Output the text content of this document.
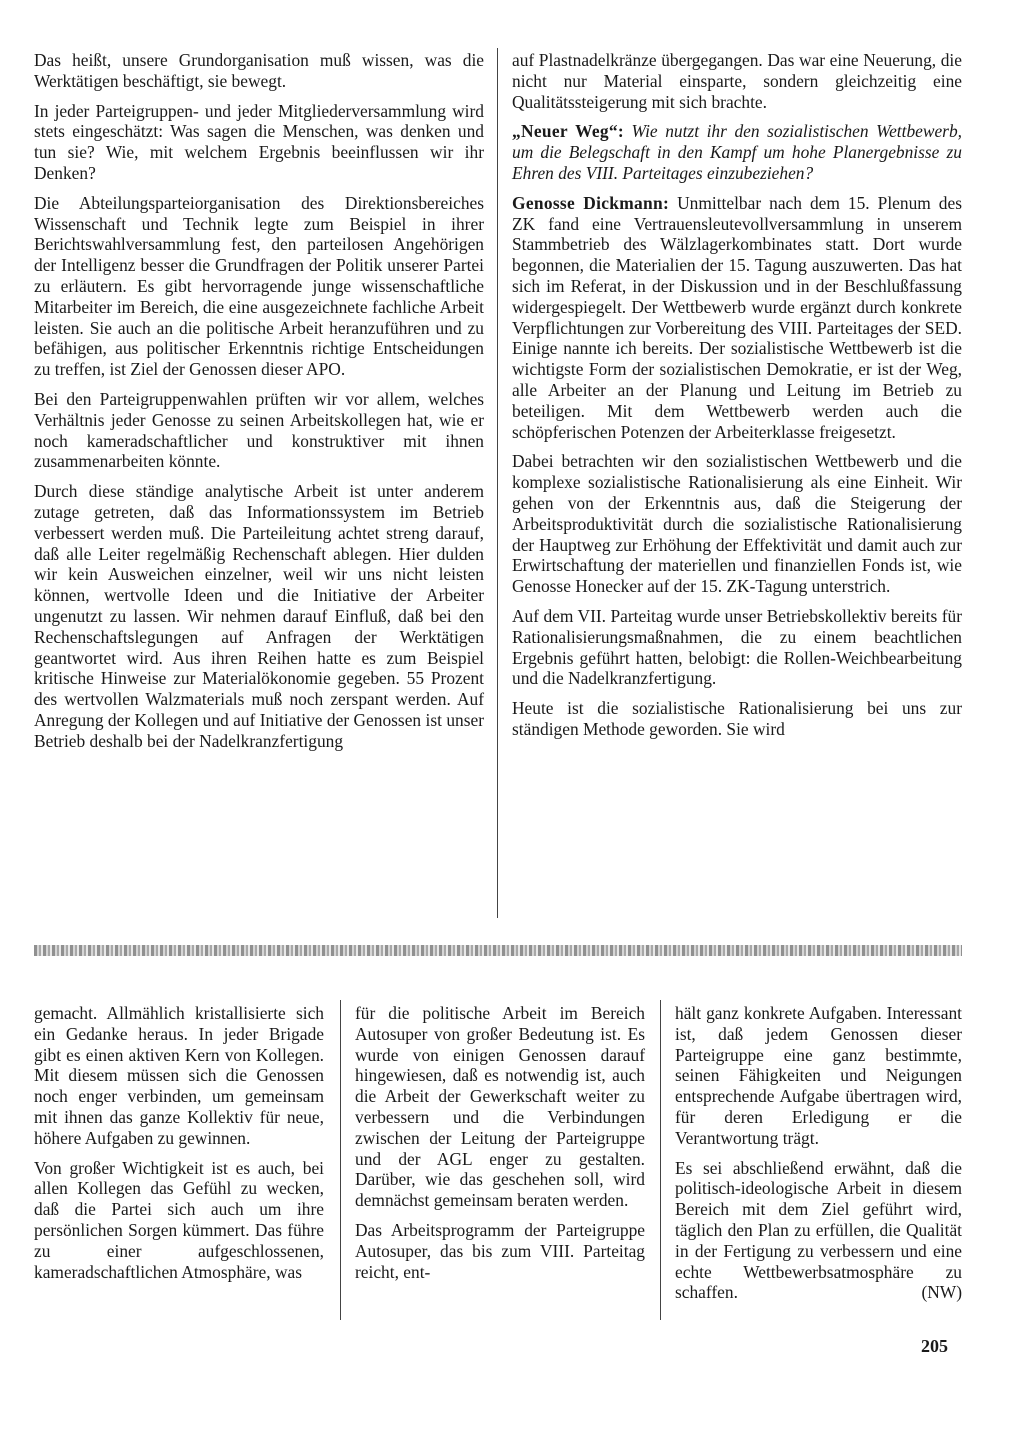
Das heißt, unsere Grundorganisation muß wissen, was die Werktätigen beschäftigt, sie bewegt.

In jeder Parteigruppen- und jeder Mitgliederversammlung wird stets eingeschätzt: Was sagen die Menschen, was denken und tun sie? Wie, mit welchem Ergebnis beeinflussen wir ihr Denken?

Die Abteilungsparteiorganisation des Direktionsbereiches Wissenschaft und Technik legte zum Beispiel in ihrer Berichtswahlversammlung fest, den parteilosen Angehörigen der Intelligenz besser die Grundfragen der Politik unserer Partei zu erläutern. Es gibt hervorragende junge wissenschaftliche Mitarbeiter im Bereich, die eine ausgezeichnete fachliche Arbeit leisten. Sie auch an die politische Arbeit heranzuführen und zu befähigen, aus politischer Erkenntnis richtige Entscheidungen zu treffen, ist Ziel der Genossen dieser APO.

Bei den Parteigruppenwahlen prüften wir vor allem, welches Verhältnis jeder Genosse zu seinen Arbeitskollegen hat, wie er noch kameradschaftlicher und konstruktiver mit ihnen zusammenarbeiten könnte.

Durch diese ständige analytische Arbeit ist unter anderem zutage getreten, daß das Informationssystem im Betrieb verbessert werden muß. Die Parteileitung achtet streng darauf, daß alle Leiter regelmäßig Rechenschaft ablegen. Hier dulden wir kein Ausweichen einzelner, weil wir uns nicht leisten können, wertvolle Ideen und die Initiative der Arbeiter ungenutzt zu lassen. Wir nehmen darauf Einfluß, daß bei den Rechenschaftslegungen auf Anfragen der Werktätigen geantwortet wird. Aus ihren Reihen hatte es zum Beispiel kritische Hinweise zur Materialökonomie gegeben. 55 Prozent des wertvollen Walzmaterials muß noch zerspant werden. Auf Anregung der Kollegen und auf Initiative der Genossen ist unser Betrieb deshalb bei der Nadelkranzfertigung

auf Plastnadelkränze übergegangen. Das war eine Neuerung, die nicht nur Material einsparte, sondern gleichzeitig eine Qualitätssteigerung mit sich brachte.

„Neuer Weg“: Wie nutzt ihr den sozialistischen Wettbewerb, um die Belegschaft in den Kampf um hohe Planergebnisse zu Ehren des VIII. Parteitages einzubeziehen?

Genosse Dickmann: Unmittelbar nach dem 15. Plenum des ZK fand eine Vertrauensleutevollversammlung in unserem Stammbetrieb des Wälzlagerkombinates statt. Dort wurde begonnen, die Materialien der 15. Tagung auszuwerten. Das hat sich im Referat, in der Diskussion und in der Beschlußfassung widergespiegelt. Der Wettbewerb wurde ergänzt durch konkrete Verpflichtungen zur Vorbereitung des VIII. Parteitages der SED. Einige nannte ich bereits. Der sozialistische Wettbewerb ist die wichtigste Form der sozialistischen Demokratie, er ist der Weg, alle Arbeiter an der Planung und Leitung im Betrieb zu beteiligen. Mit dem Wettbewerb werden auch die schöpferischen Potenzen der Arbeiterklasse freigesetzt.

Dabei betrachten wir den sozialistischen Wettbewerb und die komplexe sozialistische Rationalisierung als eine Einheit. Wir gehen von der Erkenntnis aus, daß die Steigerung der Arbeitsproduktivität durch die sozialistische Rationalisierung der Hauptweg zur Erhöhung der Effektivität und damit auch zur Erwirtschaftung der materiellen und finanziellen Fonds ist, wie Genosse Honecker auf der 15. ZK-Tagung unterstrich.

Auf dem VII. Parteitag wurde unser Betriebskollektiv bereits für Rationalisierungsmaßnahmen, die zu einem beachtlichen Ergebnis geführt hatten, belobigt: die Rollen-Weichbearbeitung und die Nadelkranzfertigung.

Heute ist die sozialistische Rationalisierung bei uns zur ständigen Methode geworden. Sie wird

gemacht. Allmählich kristallisierte sich ein Gedanke heraus. In jeder Brigade gibt es einen aktiven Kern von Kollegen. Mit diesem müssen sich die Genossen noch enger verbinden, um gemeinsam mit ihnen das ganze Kollektiv für neue, höhere Aufgaben zu gewinnen.

Von großer Wichtigkeit ist es auch, bei allen Kollegen das Gefühl zu wecken, daß die Partei sich auch um ihre persönlichen Sorgen kümmert. Das führe zu einer aufgeschlossenen, kameradschaftlichen Atmosphäre, was

für die politische Arbeit im Bereich Autosuper von großer Bedeutung ist. Es wurde von einigen Genossen darauf hingewiesen, daß es notwendig ist, auch die Arbeit der Gewerkschaft weiter zu verbessern und die Verbindungen zwischen der Leitung der Parteigruppe und der AGL enger zu gestalten. Darüber, wie das geschehen soll, wird demnächst gemeinsam beraten werden.

Das Arbeitsprogramm der Parteigruppe Autosuper, das bis zum VIII. Parteitag reicht, ent-

hält ganz konkrete Aufgaben. Interessant ist, daß jedem Genossen dieser Parteigruppe eine ganz bestimmte, seinen Fähigkeiten und Neigungen entsprechende Aufgabe übertragen wird, für deren Erledigung er die Verantwortung trägt.

Es sei abschließend erwähnt, daß die politisch-ideologische Arbeit in diesem Bereich mit dem Ziel geführt wird, täglich den Plan zu erfüllen, die Qualität in der Fertigung zu verbessern und eine echte Wettbewerbsatmosphäre zu schaffen.	(NW)

205
